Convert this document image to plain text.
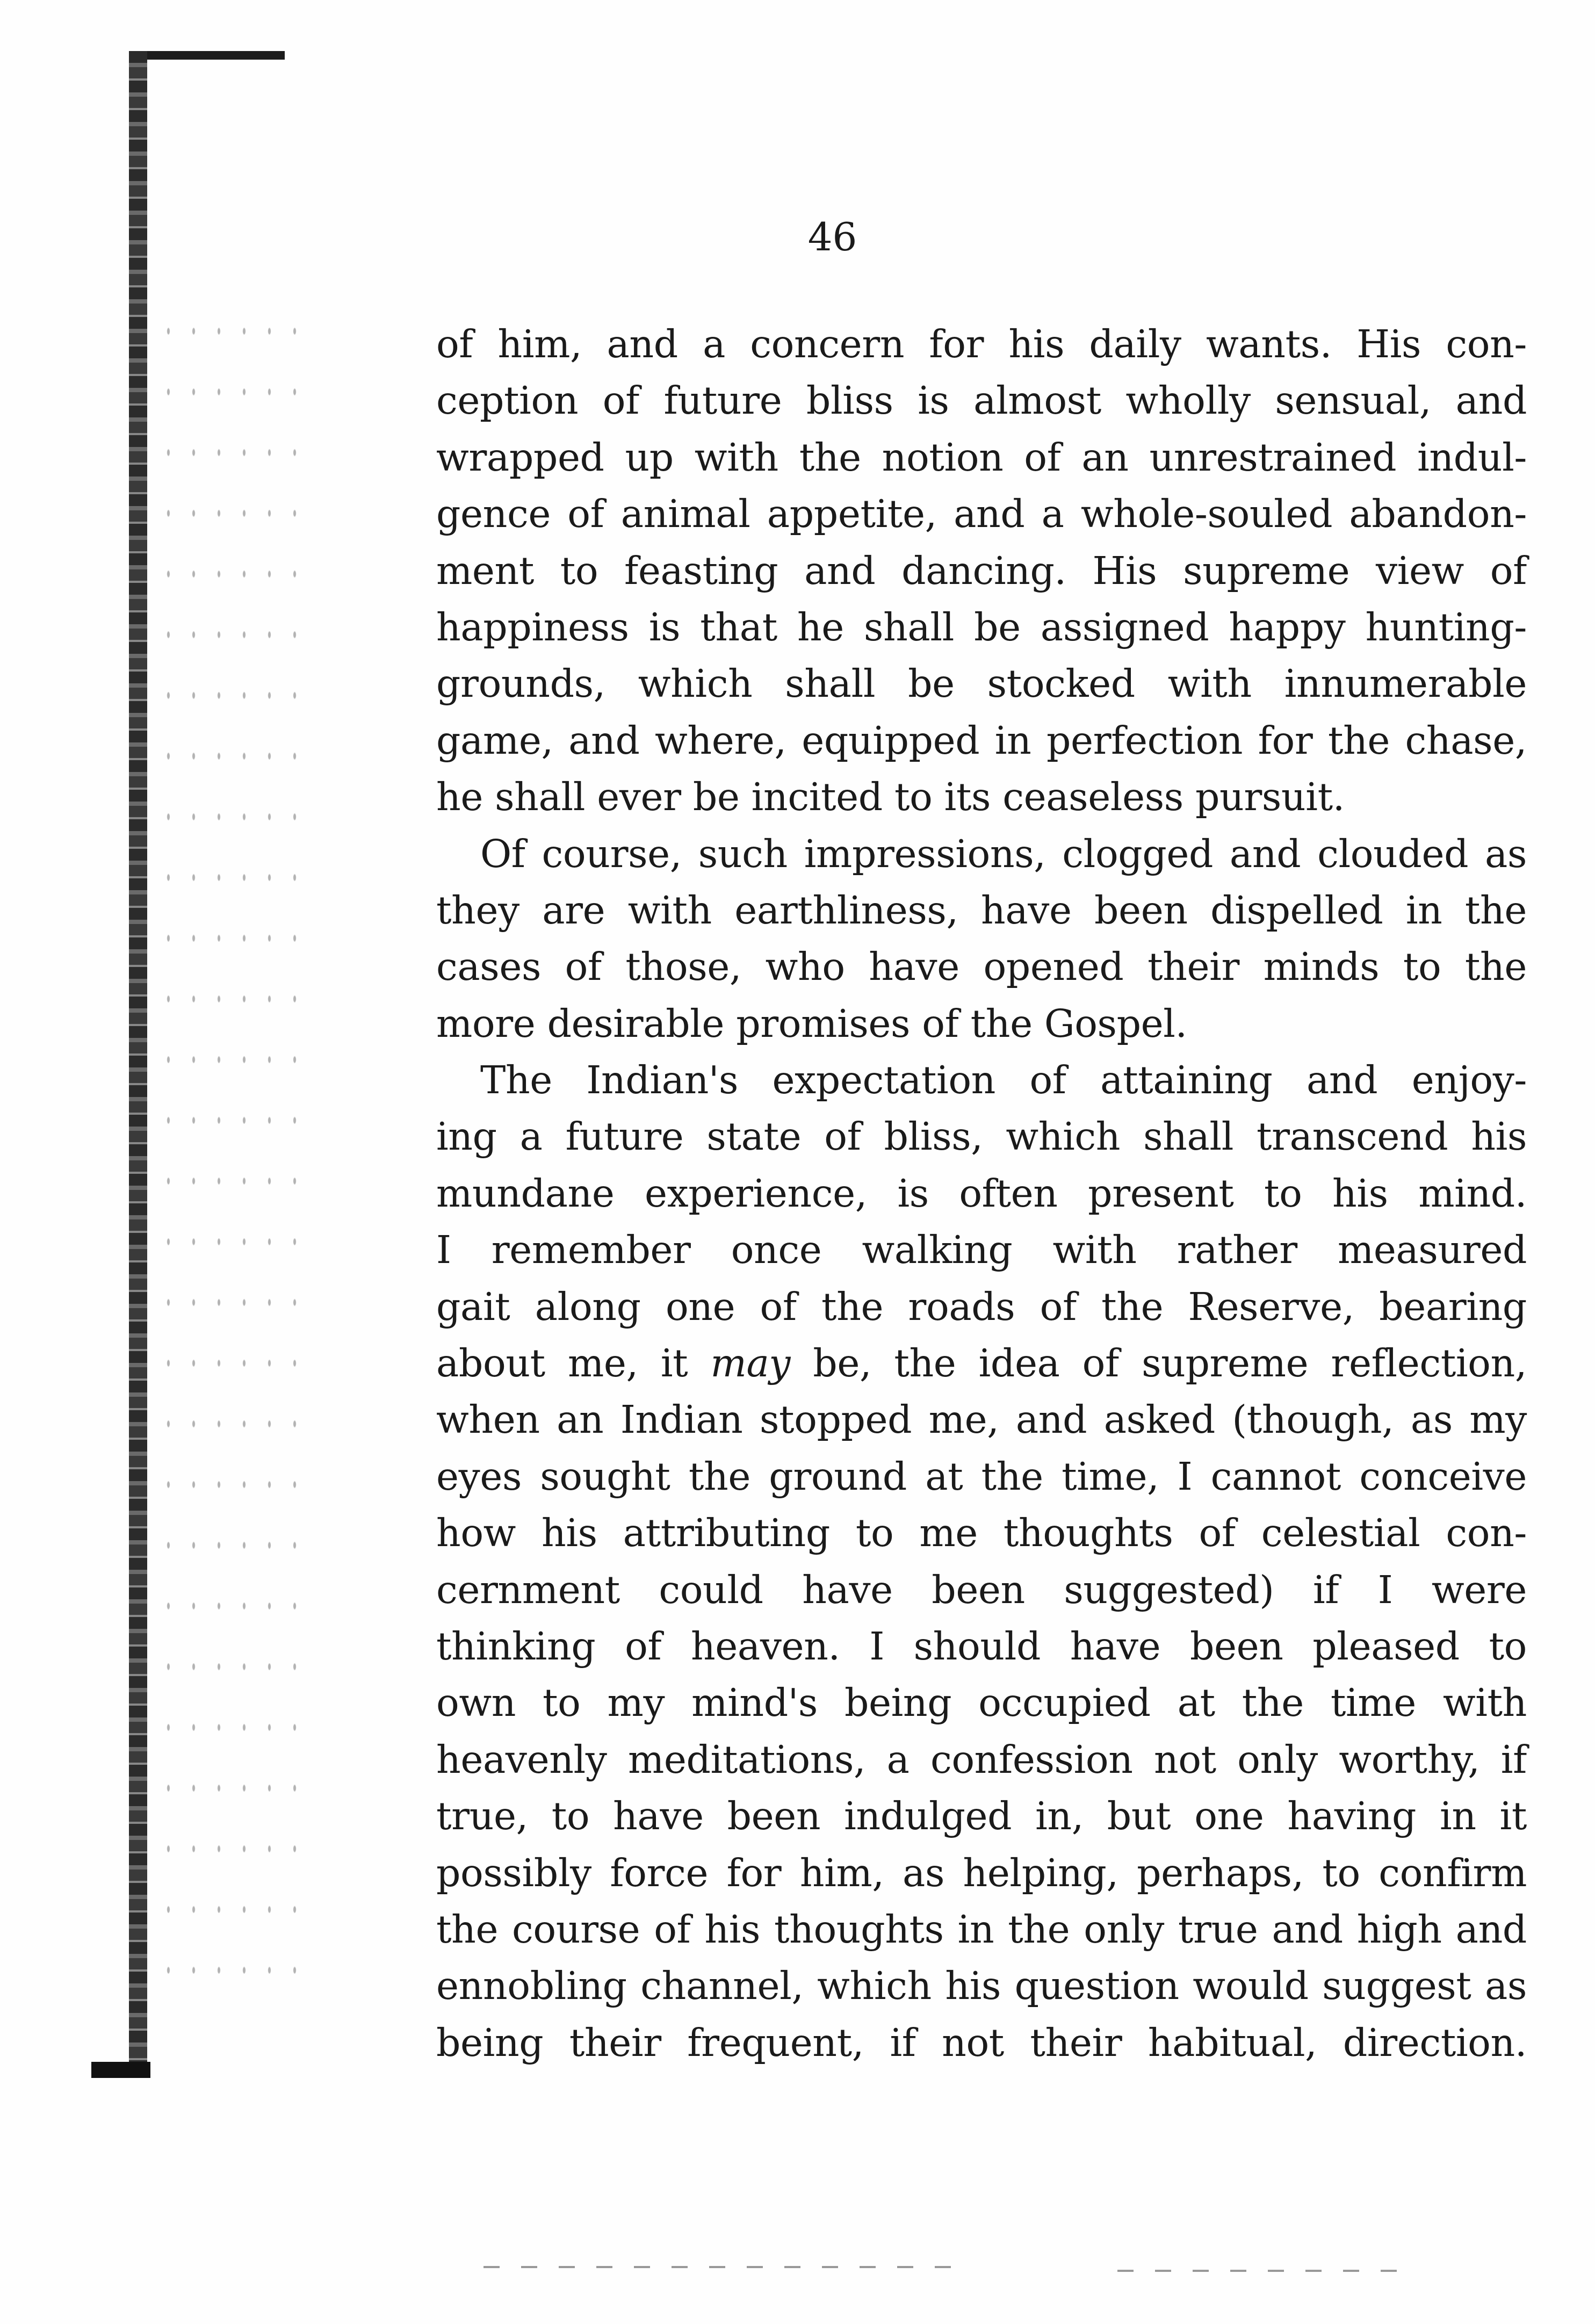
46
of him, and a concern for his daily wants. His con-
ception of future bliss is almost wholly sensual, and
wrapped up with the notion of an unrestrained indul-
gence of animal appetite, and a whole-souled abandon-
ment to feasting and dancing. His supreme view of
happiness is that he shall be assigned happy hunting-
grounds, which shall be stocked with innumerable
game, and where, equipped in perfection for the chase,
he shall ever be incited to its ceaseless pursuit.
Of course, such impressions, clogged and clouded as
they are with earthliness, have been dispelled in the
cases of those, who have opened their minds to the
more desirable promises of the Gospel.
The Indian's expectation of attaining and enjoy-
ing a future state of bliss, which shall transcend his
mundane experience, is often present to his mind.
I remember once walking with rather measured
gait along one of the roads of the Reserve, bearing
about me, it may be, the idea of supreme reflection,
when an Indian stopped me, and asked (though, as my
eyes sought the ground at the time, I cannot conceive
how his attributing to me thoughts of celestial con-
cernment could have been suggested) if I were
thinking of heaven. I should have been pleased to
own to my mind's being occupied at the time with
heavenly meditations, a confession not only worthy, if
true, to have been indulged in, but one having in it
possibly force for him, as helping, perhaps, to confirm
the course of his thoughts in the only true and high and
ennobling channel, which his question would suggest as
being their frequent, if not their habitual, direction.
